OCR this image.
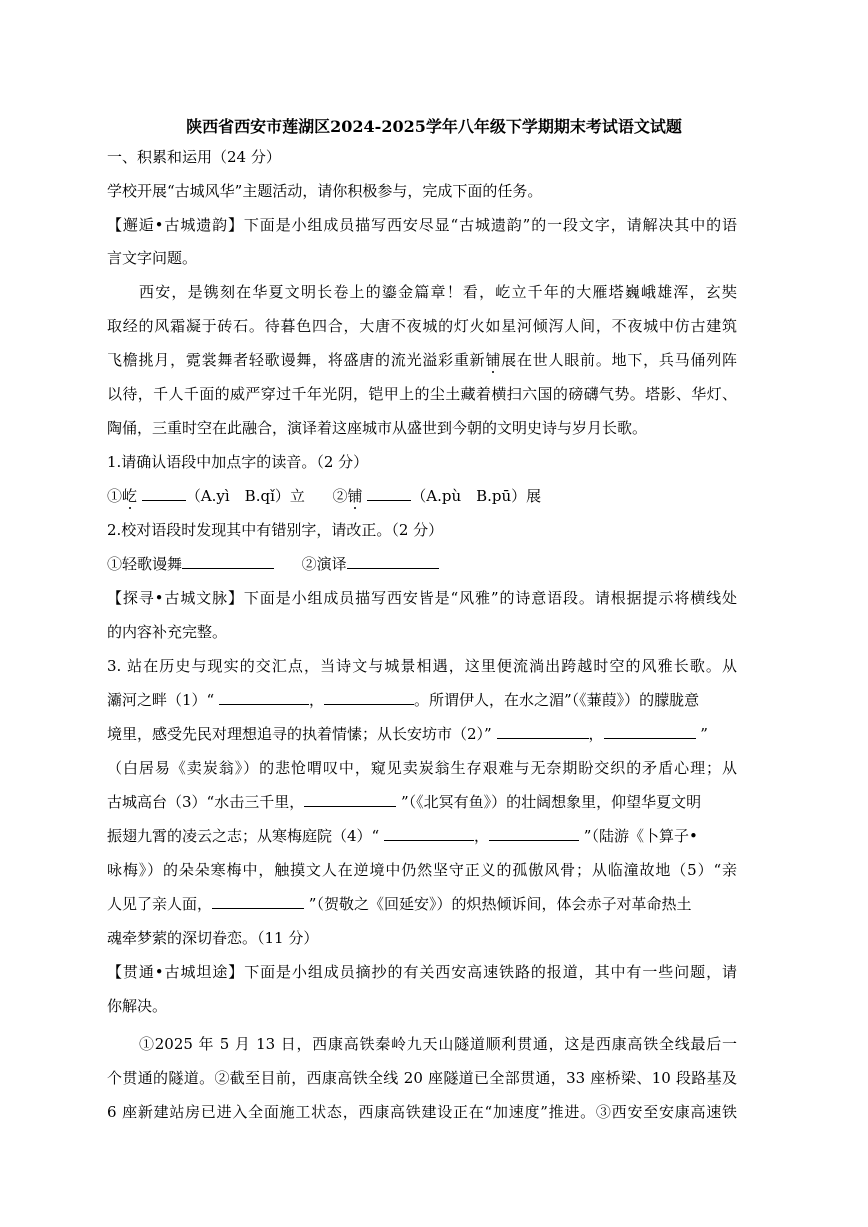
陕西省西安市莲湖区2024-2025学年八年级下学期期末考试语文试题
一、积累和运用（24 分）
学校开展“古城风华”主题活动，请你积极参与，完成下面的任务。
【邂逅•古城遗韵】下面是小组成员描写西安尽显“古城遗韵”的一段文字，请解决其中的语
言文字问题。
西安，是镌刻在华夏文明长卷上的鎏金篇章！看，屹立千年的大雁塔巍峨雄浑，玄奘
取经的风霜凝于砖石。待暮色四合，大唐不夜城的灯火如星河倾泻人间，不夜城中仿古建筑
飞檐挑月，霓裳舞者轻歌谩舞，将盛唐的流光溢彩重新铺展在世人眼前。地下，兵马俑列阵
以待，千人千面的威严穿过千年光阴，铠甲上的尘土藏着横扫六国的磅礴气势。塔影、华灯、
陶俑，三重时空在此融合，演译着这座城市从盛世到今朝的文明史诗与岁月长歌。
1.请确认语段中加点字的读音。（2 分）
①屹	（A.yì　B.qǐ）立 ②铺	（A.pù　B.pū）展
2.校对语段时发现其中有错别字，请改正。（2 分）
①轻歌谩舞	②演译
【探寻•古城文脉】下面是小组成员描写西安皆是“风雅”的诗意语段。请根据提示将横线处
的内容补充完整。
3. 站在历史与现实的交汇点，当诗文与城景相遇，这里便流淌出跨越时空的风雅长歌。从
灞河之畔（1）“	，	。所谓伊人，在水之湄”（《蒹葭》）的朦胧意
境里，感受先民对理想追寻的执着情愫；从长安坊市（2）”	，	”
（白居易《卖炭翁》）的悲怆喟叹中，窥见卖炭翁生存艰难与无奈期盼交织的矛盾心理；从
古城高台（3）“水击三千里，	”（《北冥有鱼》）的壮阔想象里，仰望华夏文明
振翅九霄的凌云之志；从寒梅庭院（4）“	，	”（陆游《卜算子•
咏梅》）的朵朵寒梅中，触摸文人在逆境中仍然坚守正义的孤傲风骨；从临潼故地（5）“亲
人见了亲人面，	”（贺敬之《回延安》）的炽热倾诉间，体会赤子对革命热土
魂牵梦萦的深切眷恋。（11 分）
【贯通•古城坦途】下面是小组成员摘抄的有关西安高速铁路的报道，其中有一些问题，请
你解决。
①2025 年 5 月 13 日，西康高铁秦岭九天山隧道顺利贯通，这是西康高铁全线最后一
个贯通的隧道。②截至目前，西康高铁全线 20 座隧道已全部贯通，33 座桥梁、10 段路基及
6 座新建站房已进入全面施工状态，西康高铁建设正在“加速度”推进。③西安至安康高速铁
